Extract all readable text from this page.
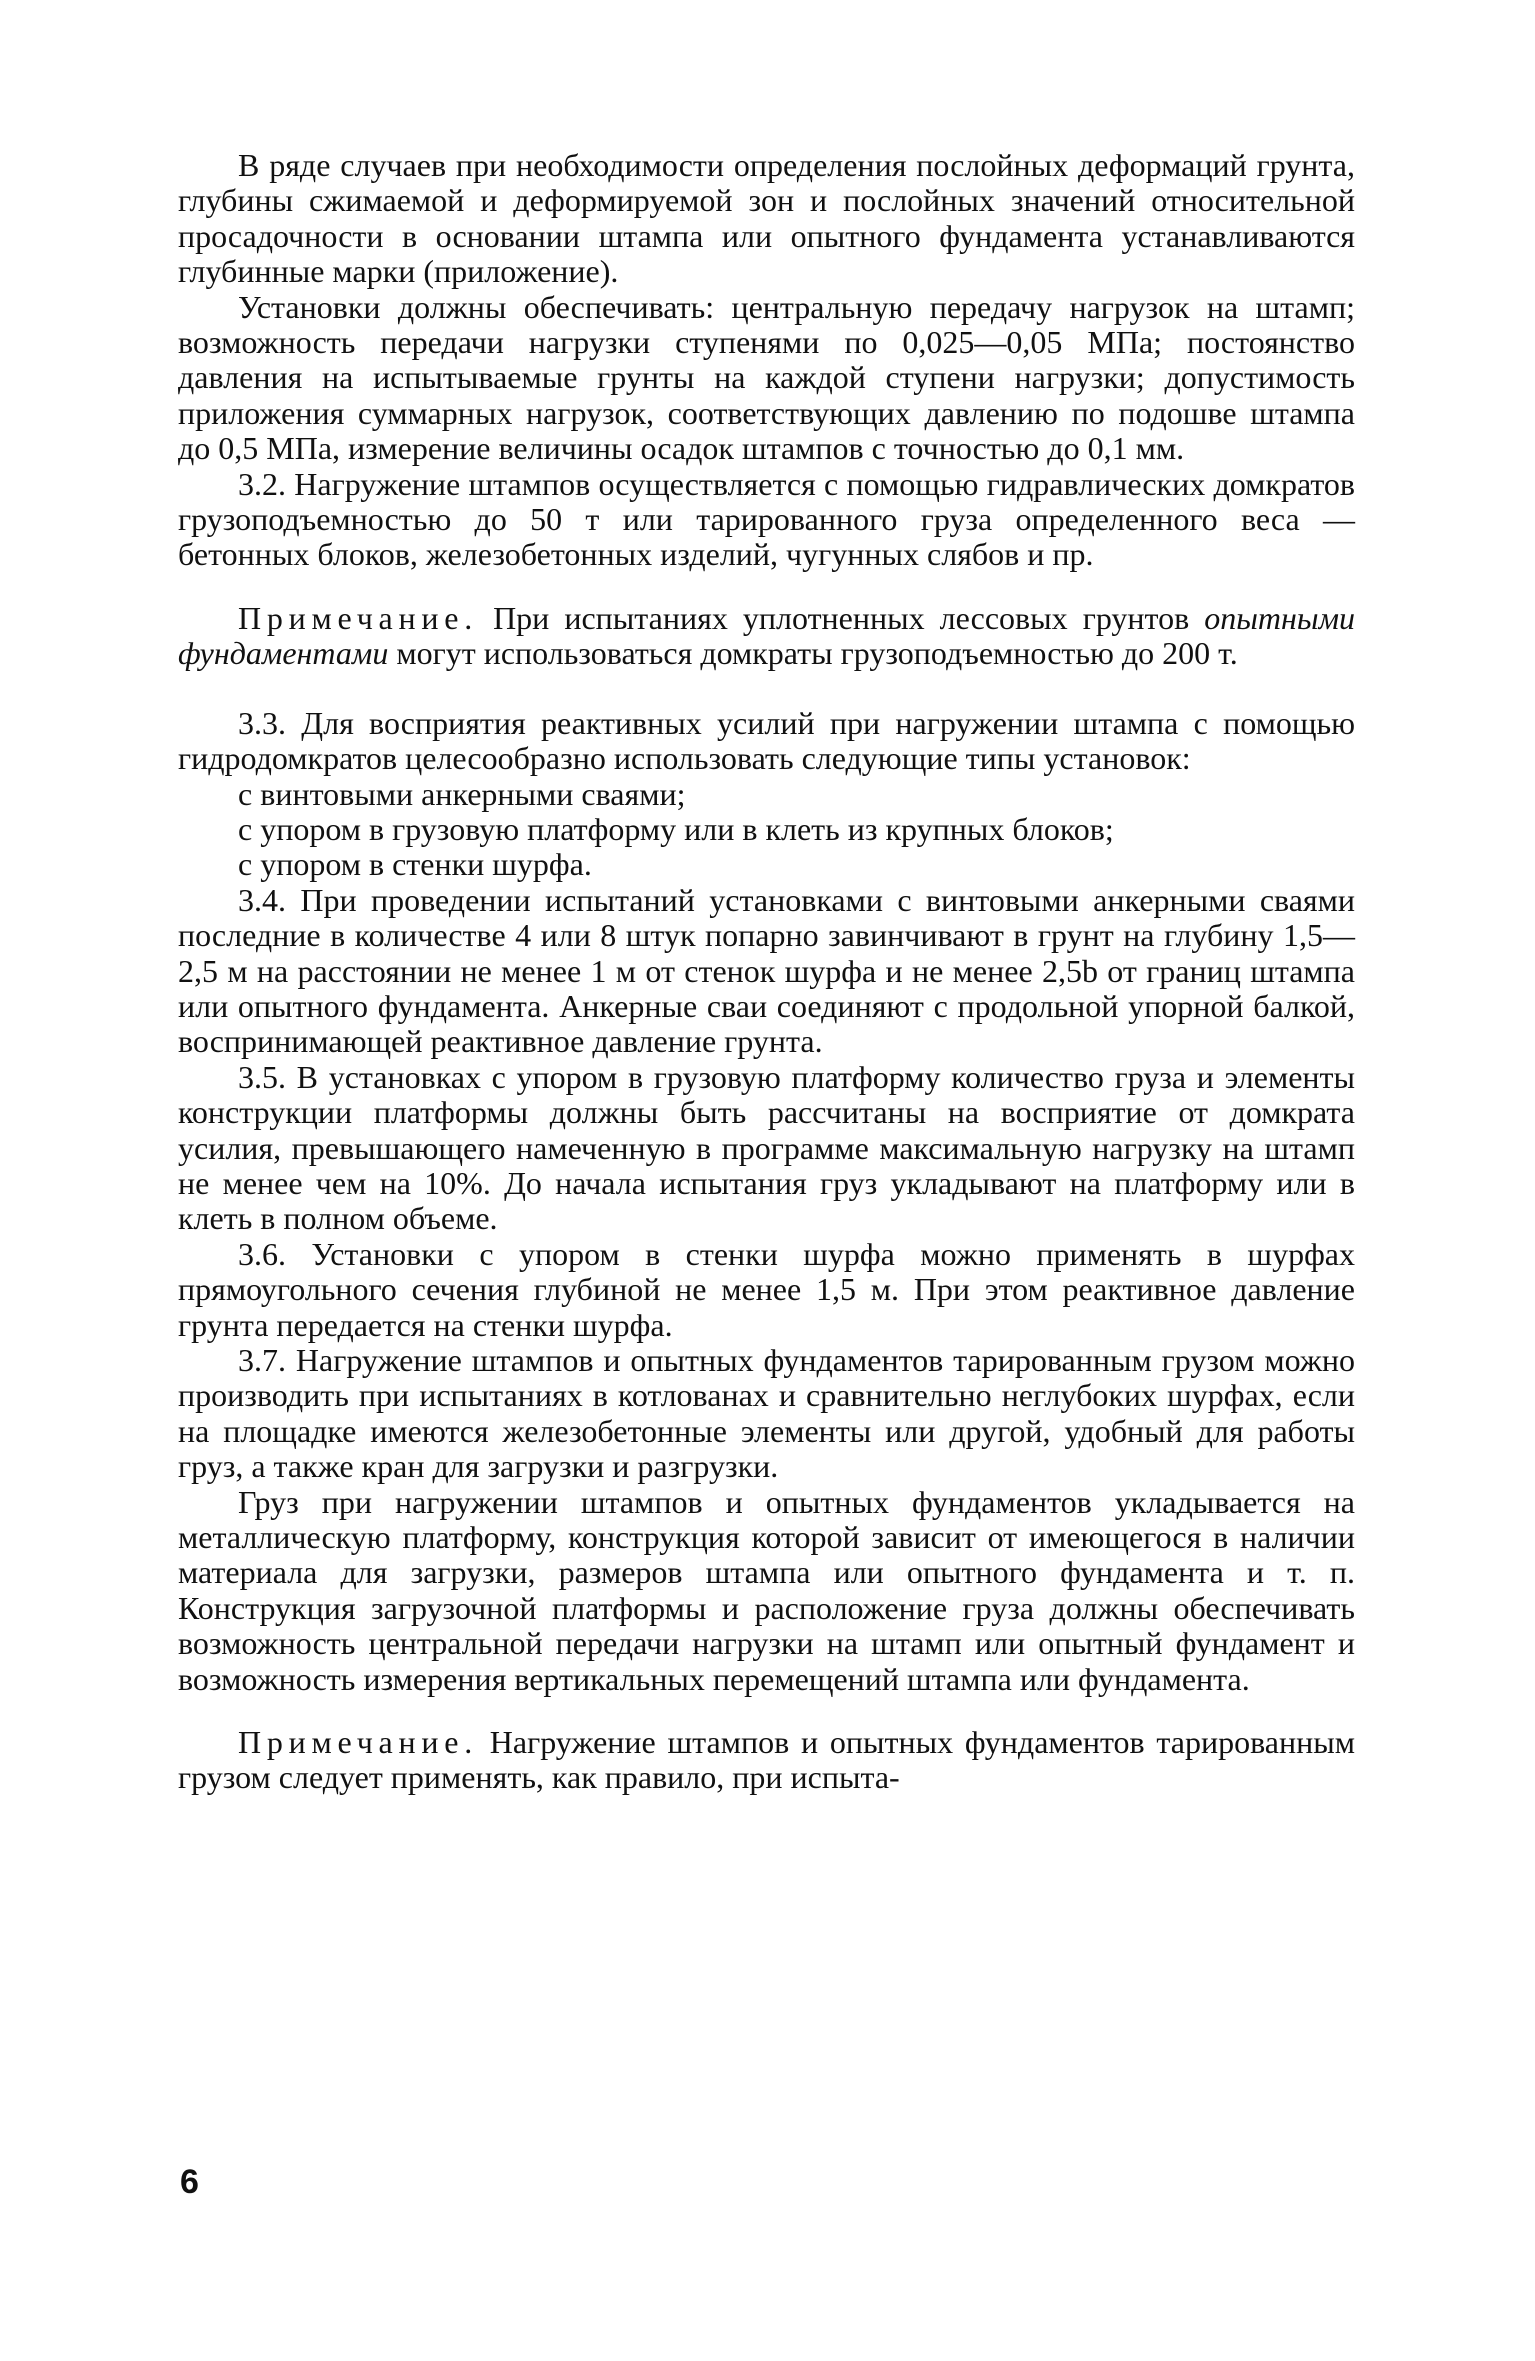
В ряде случаев при необходимости определения послойных деформаций грунта, глубины сжимаемой и деформируемой зон и послойных значений относительной просадочности в основании штампа или опытного фундамента устанавливаются глубинные марки (приложение).

Установки должны обеспечивать: центральную передачу нагрузок на штамп; возможность передачи нагрузки ступенями по 0,025—0,05 МПа; постоянство давления на испытываемые грунты на каждой ступени нагрузки; допустимость приложения суммарных нагрузок, соответствующих давлению по подошве штампа до 0,5 МПа, измерение величины осадок штампов с точностью до 0,1 мм.

3.2. Нагружение штампов осуществляется с помощью гидравлических домкратов грузоподъемностью до 50 т или тарированного груза определенного веса — бетонных блоков, железобетонных изделий, чугунных слябов и пр.

Примечание. При испытаниях уплотненных лессовых грунтов опытными фундаментами могут использоваться домкраты грузоподъемностью до 200 т.

3.3. Для восприятия реактивных усилий при нагружении штампа с помощью гидродомкратов целесообразно использовать следующие типы установок:

с винтовыми анкерными сваями;

с упором в грузовую платформу или в клеть из крупных блоков;

с упором в стенки шурфа.

3.4. При проведении испытаний установками с винтовыми анкерными сваями последние в количестве 4 или 8 штук попарно завинчивают в грунт на глубину 1,5—2,5 м на расстоянии не менее 1 м от стенок шурфа и не менее 2,5b от границ штампа или опытного фундамента. Анкерные сваи соединяют с продольной упорной балкой, воспринимающей реактивное давление грунта.

3.5. В установках с упором в грузовую платформу количество груза и элементы конструкции платформы должны быть рассчитаны на восприятие от домкрата усилия, превышающего намеченную в программе максимальную нагрузку на штамп не менее чем на 10%. До начала испытания груз укладывают на платформу или в клеть в полном объеме.

3.6. Установки с упором в стенки шурфа можно применять в шурфах прямоугольного сечения глубиной не менее 1,5 м. При этом реактивное давление грунта передается на стенки шурфа.

3.7. Нагружение штампов и опытных фундаментов тарированным грузом можно производить при испытаниях в котлованах и сравнительно неглубоких шурфах, если на площадке имеются железобетонные элементы или другой, удобный для работы груз, а также кран для загрузки и разгрузки.

Груз при нагружении штампов и опытных фундаментов укладывается на металлическую платформу, конструкция которой зависит от имеющегося в наличии материала для загрузки, размеров штампа или опытного фундамента и т. п. Конструкция загрузочной платформы и расположение груза должны обеспечивать возможность центральной передачи нагрузки на штамп или опытный фундамент и возможность измерения вертикальных перемещений штампа или фундамента.

Примечание. Нагружение штампов и опытных фундаментов тарированным грузом следует применять, как правило, при испыта-

6
